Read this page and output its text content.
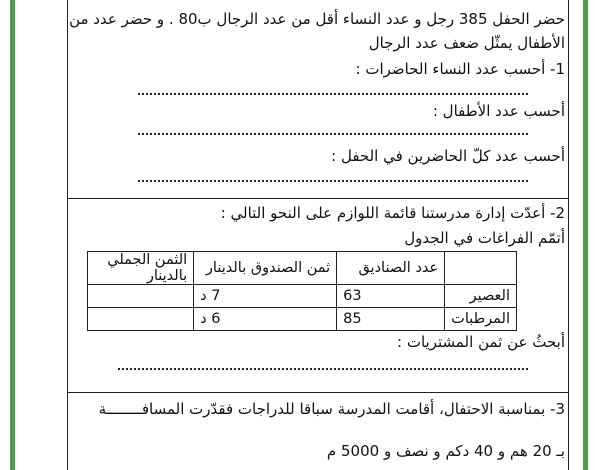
حضر الحفل 385 رجل و عدد النساء أقل من عدد الرجال ب80 . و حضر عدد من
الأطفال يمثّل ضعف عدد الرجال
1- أحسب عدد النساء الحاضرات :
أحسب عدد الأطفال :
أحسب عدد كلّ الحاضرين في الحفل :
2- أعدّت إدارة مدرستنا قائمة اللوازم على النحو التالي :
أتمّم الفراغات في الجدول
	عدد الصناديق	ثمن الصندوق بالدينار	الثمن الجملي بالدينار
العصير	63	7 د	
المرطبات	85	6 د	
أبحثُ عن ثمن المشتريات :
3- بمناسبة الاحتفال، أقامت المدرسة سباقا للدراجات فقدّرت المسافــــــــة
بـ 20 هم و 40 دكم و نصف و 5000 م
